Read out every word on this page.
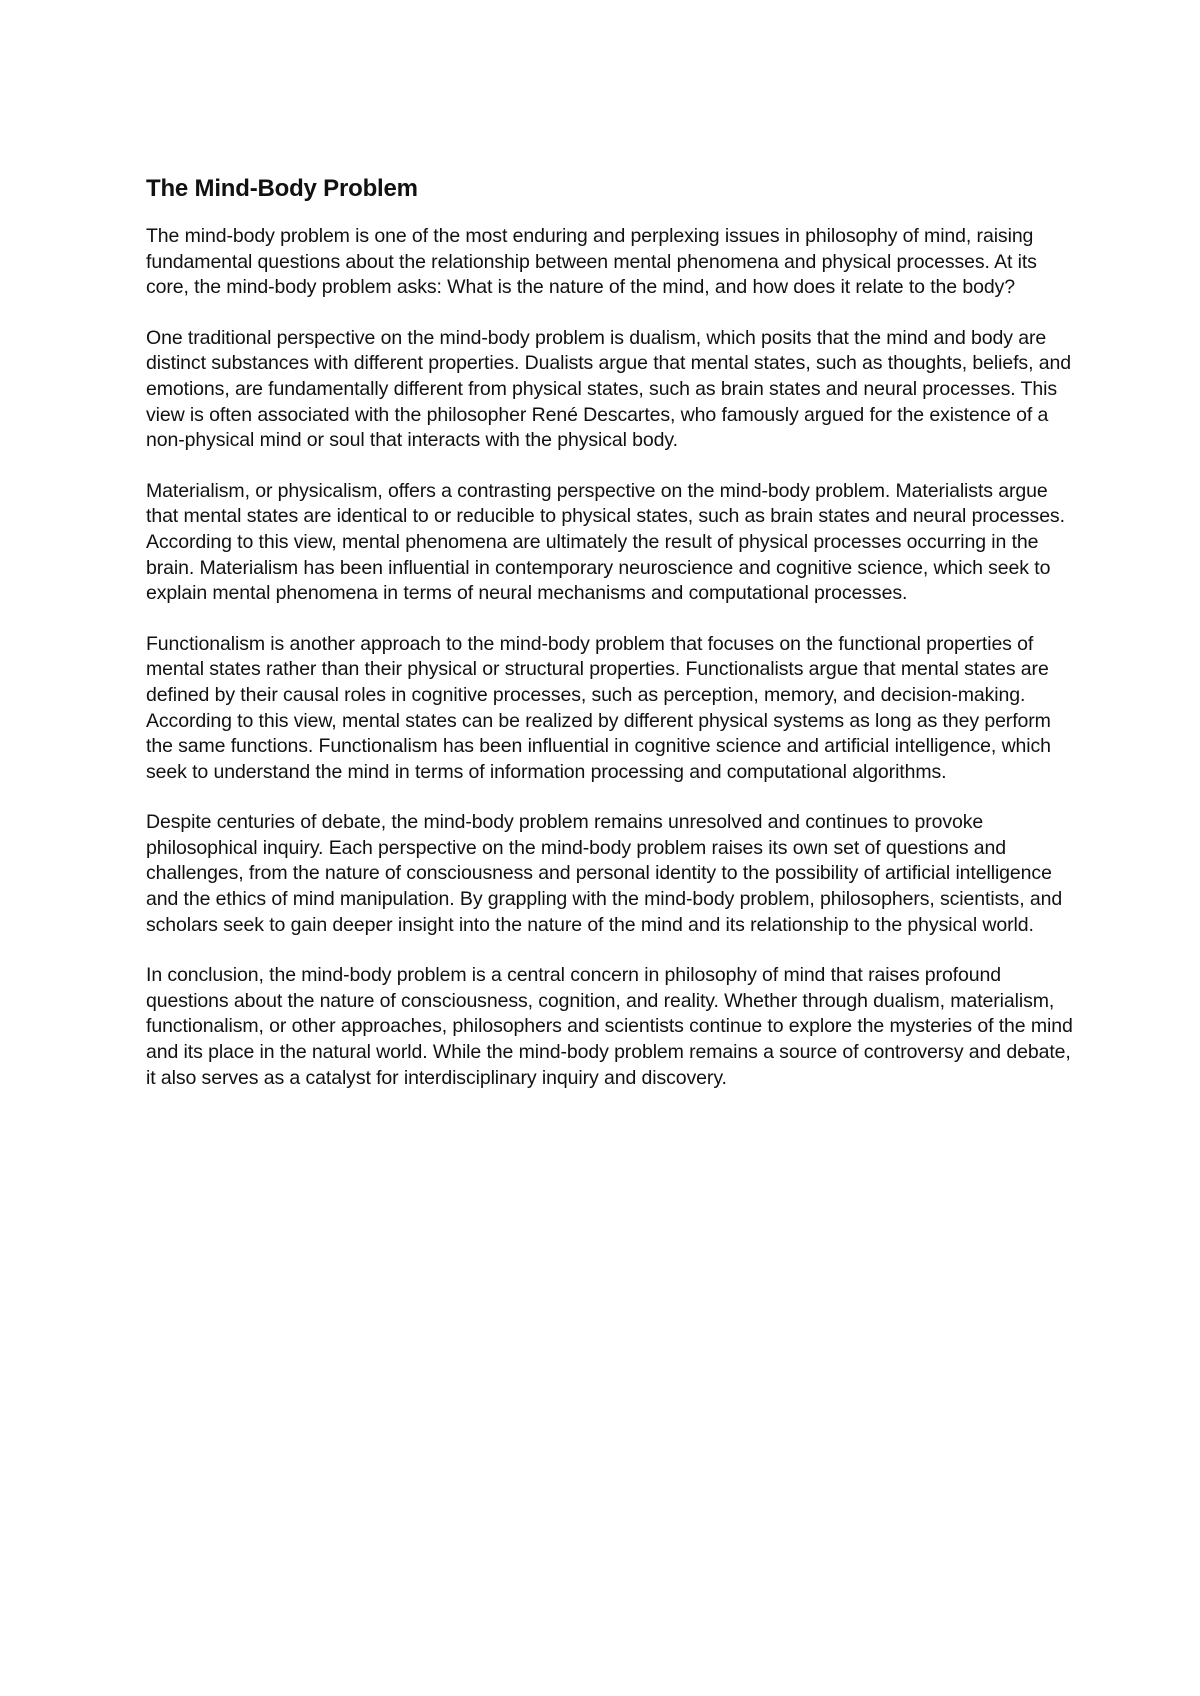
The Mind-Body Problem

The mind-body problem is one of the most enduring and perplexing issues in philosophy of mind, raising fundamental questions about the relationship between mental phenomena and physical processes. At its core, the mind-body problem asks: What is the nature of the mind, and how does it relate to the body?

One traditional perspective on the mind-body problem is dualism, which posits that the mind and body are distinct substances with different properties. Dualists argue that mental states, such as thoughts, beliefs, and emotions, are fundamentally different from physical states, such as brain states and neural processes. This view is often associated with the philosopher René Descartes, who famously argued for the existence of a non-physical mind or soul that interacts with the physical body.

Materialism, or physicalism, offers a contrasting perspective on the mind-body problem. Materialists argue that mental states are identical to or reducible to physical states, such as brain states and neural processes. According to this view, mental phenomena are ultimately the result of physical processes occurring in the brain. Materialism has been influential in contemporary neuroscience and cognitive science, which seek to explain mental phenomena in terms of neural mechanisms and computational processes.

Functionalism is another approach to the mind-body problem that focuses on the functional properties of mental states rather than their physical or structural properties. Functionalists argue that mental states are defined by their causal roles in cognitive processes, such as perception, memory, and decision-making. According to this view, mental states can be realized by different physical systems as long as they perform the same functions. Functionalism has been influential in cognitive science and artificial intelligence, which seek to understand the mind in terms of information processing and computational algorithms.

Despite centuries of debate, the mind-body problem remains unresolved and continues to provoke philosophical inquiry. Each perspective on the mind-body problem raises its own set of questions and challenges, from the nature of consciousness and personal identity to the possibility of artificial intelligence and the ethics of mind manipulation. By grappling with the mind-body problem, philosophers, scientists, and scholars seek to gain deeper insight into the nature of the mind and its relationship to the physical world.

In conclusion, the mind-body problem is a central concern in philosophy of mind that raises profound questions about the nature of consciousness, cognition, and reality. Whether through dualism, materialism, functionalism, or other approaches, philosophers and scientists continue to explore the mysteries of the mind and its place in the natural world. While the mind-body problem remains a source of controversy and debate, it also serves as a catalyst for interdisciplinary inquiry and discovery.
